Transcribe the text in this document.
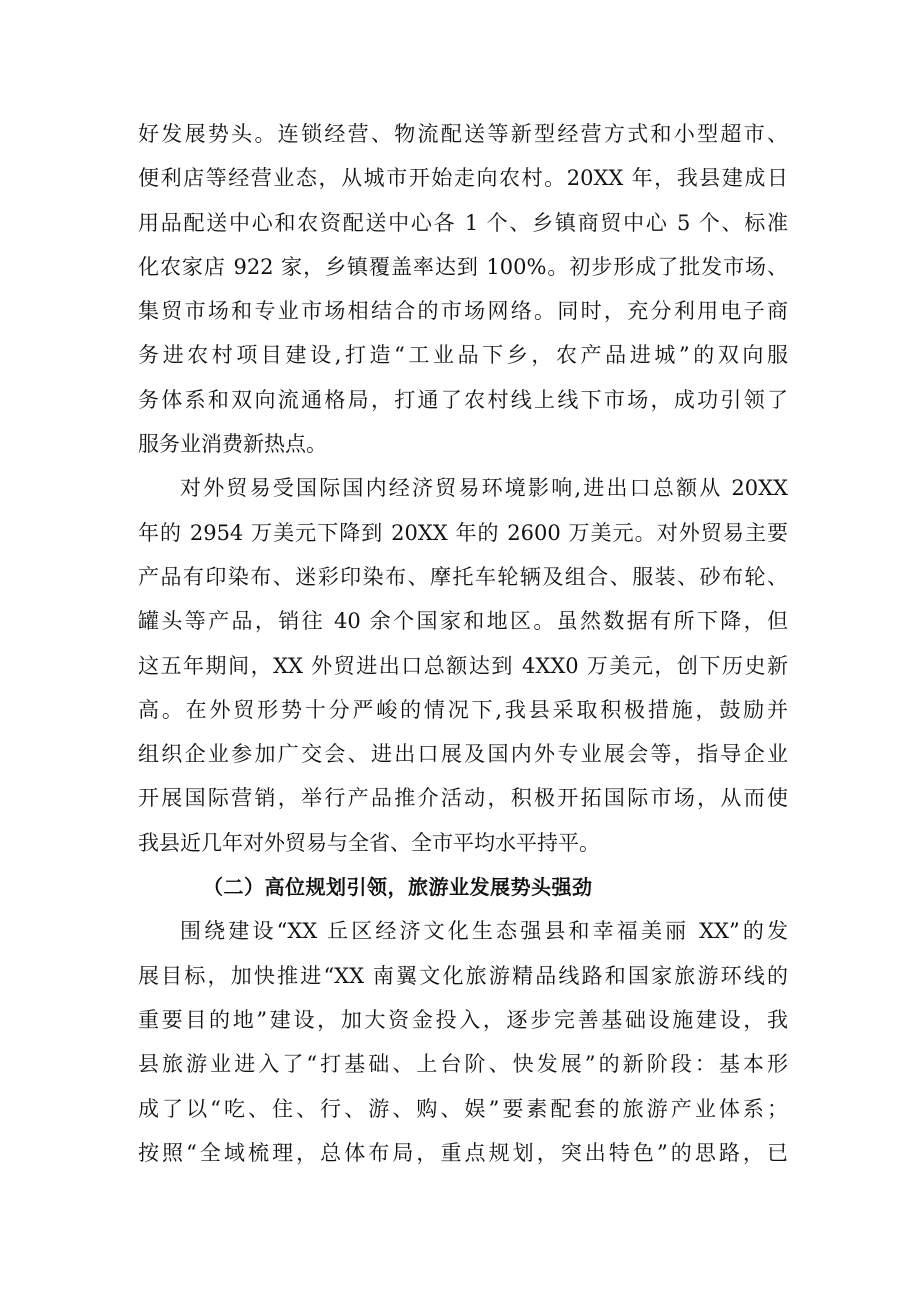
好发展势头。连锁经营、物流配送等新型经营方式和小型超市、
便利店等经营业态，从城市开始走向农村。20XX 年，我县建成日
用品配送中心和农资配送中心各 1 个、乡镇商贸中心 5 个、标准
化农家店 922 家，乡镇覆盖率达到 100%。初步形成了批发市场、
集贸市场和专业市场相结合的市场网络。同时，充分利用电子商
务进农村项目建设,打造“工业品下乡，农产品进城”的双向服
务体系和双向流通格局，打通了农村线上线下市场，成功引领了
服务业消费新热点。
对外贸易受国际国内经济贸易环境影响,进出口总额从 20XX
年的 2954 万美元下降到 20XX 年的 2600 万美元。对外贸易主要
产品有印染布、迷彩印染布、摩托车轮辆及组合、服装、砂布轮、
罐头等产品，销往 40 余个国家和地区。虽然数据有所下降，但
这五年期间，XX 外贸进出口总额达到 4XX0 万美元，创下历史新
高。在外贸形势十分严峻的情况下,我县采取积极措施，鼓励并
组织企业参加广交会、进出口展及国内外专业展会等，指导企业
开展国际营销，举行产品推介活动，积极开拓国际市场，从而使
我县近几年对外贸易与全省、全市平均水平持平。
（二）高位规划引领，旅游业发展势头强劲
围绕建设“XX 丘区经济文化生态强县和幸福美丽 XX”的发
展目标，加快推进“XX 南翼文化旅游精品线路和国家旅游环线的
重要目的地”建设，加大资金投入，逐步完善基础设施建设，我
县旅游业进入了“打基础、上台阶、快发展”的新阶段：基本形
成了以“吃、住、行、游、购、娱”要素配套的旅游产业体系；
按照“全域梳理，总体布局，重点规划，突出特色”的思路，已
